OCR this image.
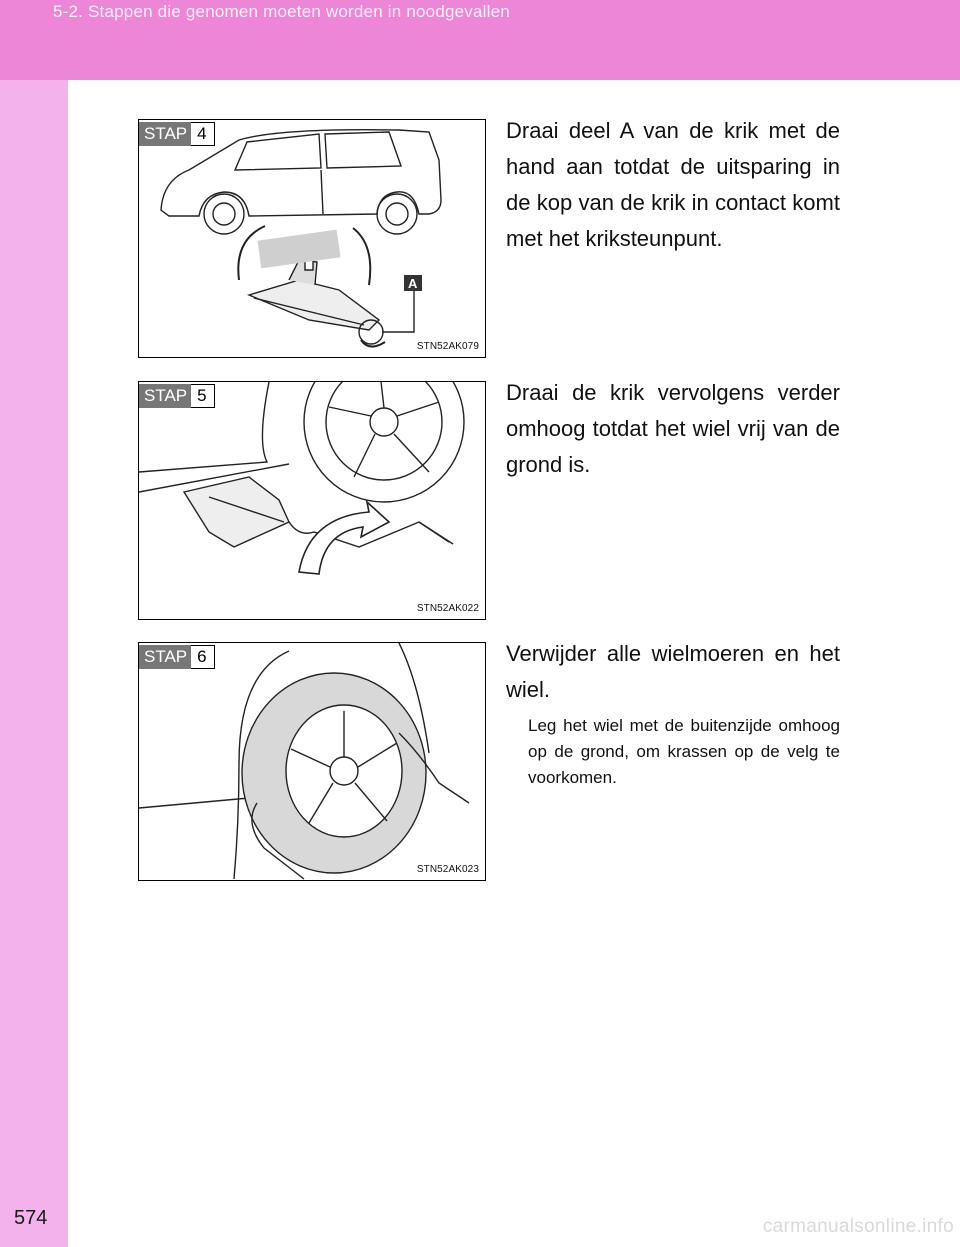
5-2. Stappen die genomen moeten worden in noodgevallen
A
STAP 4
STN52AK079
Draai deel A van de krik met de hand aan totdat de uitsparing in de kop van de krik in contact komt met het kriksteunpunt.
STAP 5
STN52AK022
Draai de krik vervolgens verder omhoog totdat het wiel vrij van de grond is.
STAP 6
STN52AK023
Verwijder alle wielmoeren en het wiel.
Leg het wiel met de buitenzijde omhoog op de grond, om krassen op de velg te voorkomen.
574	carmanualsonline.info
